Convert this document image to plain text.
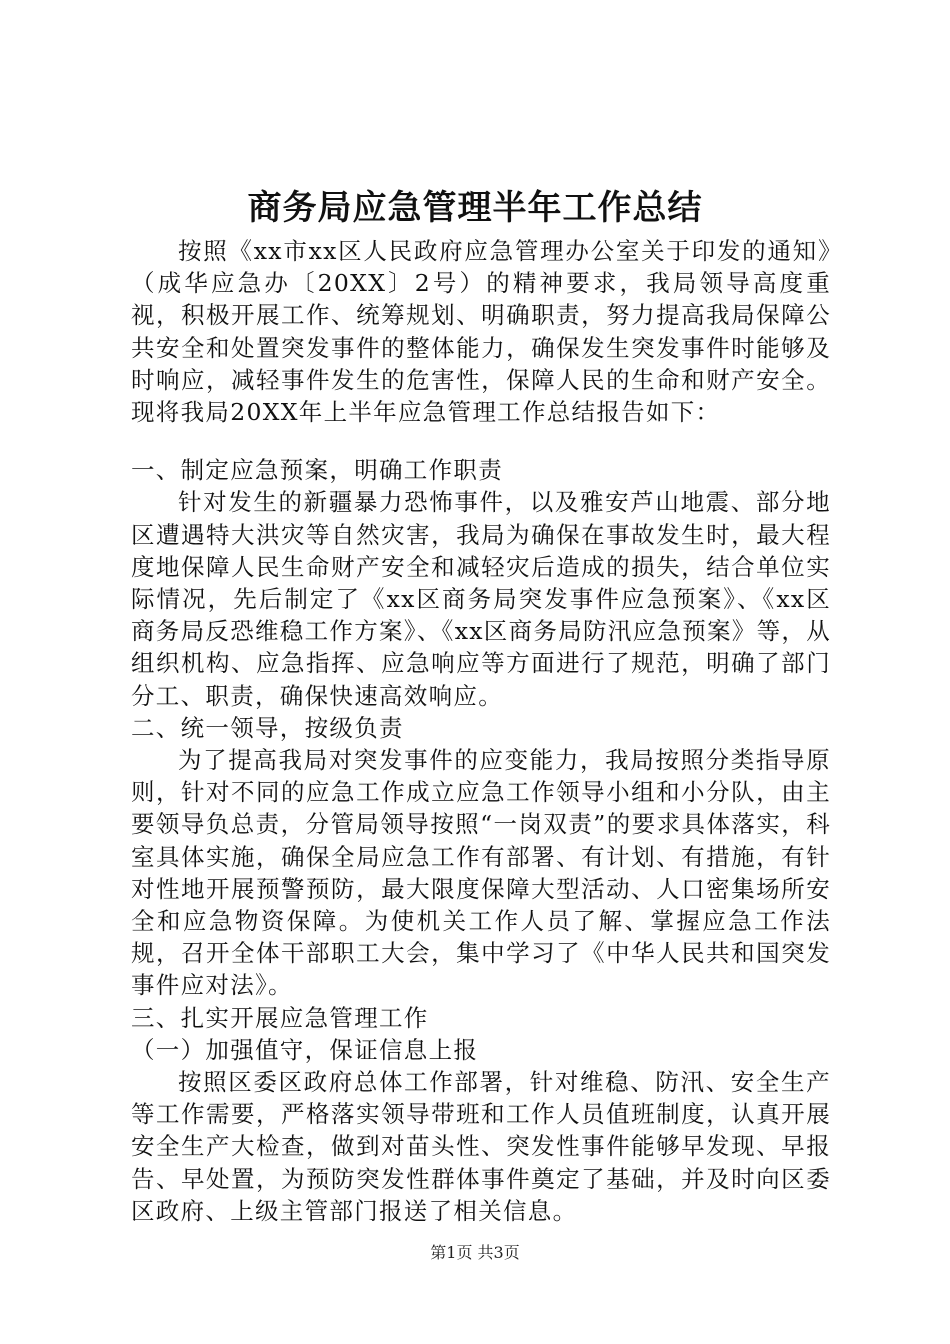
商务局应急管理半年工作总结

按照《xx市xx区人民政府应急管理办公室关于印发的通知》（成华应急办〔20XX〕2号）的精神要求，我局领导高度重视，积极开展工作、统筹规划、明确职责，努力提高我局保障公共安全和处置突发事件的整体能力，确保发生突发事件时能够及时响应，减轻事件发生的危害性，保障人民的生命和财产安全。现将我局20XX年上半年应急管理工作总结报告如下：

一、制定应急预案，明确工作职责

针对发生的新疆暴力恐怖事件，以及雅安芦山地震、部分地区遭遇特大洪灾等自然灾害，我局为确保在事故发生时，最大程度地保障人民生命财产安全和减轻灾后造成的损失，结合单位实际情况，先后制定了《xx区商务局突发事件应急预案》、《xx区商务局反恐维稳工作方案》、《xx区商务局防汛应急预案》等，从组织机构、应急指挥、应急响应等方面进行了规范，明确了部门分工、职责，确保快速高效响应。

二、统一领导，按级负责

为了提高我局对突发事件的应变能力，我局按照分类指导原则，针对不同的应急工作成立应急工作领导小组和小分队，由主要领导负总责，分管局领导按照“一岗双责”的要求具体落实，科室具体实施，确保全局应急工作有部署、有计划、有措施，有针对性地开展预警预防，最大限度保障大型活动、人口密集场所安全和应急物资保障。为使机关工作人员了解、掌握应急工作法规，召开全体干部职工大会，集中学习了《中华人民共和国突发事件应对法》。

三、扎实开展应急管理工作

（一）加强值守，保证信息上报

按照区委区政府总体工作部署，针对维稳、防汛、安全生产等工作需要，严格落实领导带班和工作人员值班制度，认真开展安全生产大检查，做到对苗头性、突发性事件能够早发现、早报告、早处置，为预防突发性群体事件奠定了基础，并及时向区委区政府、上级主管部门报送了相关信息。

第1页 共3页
